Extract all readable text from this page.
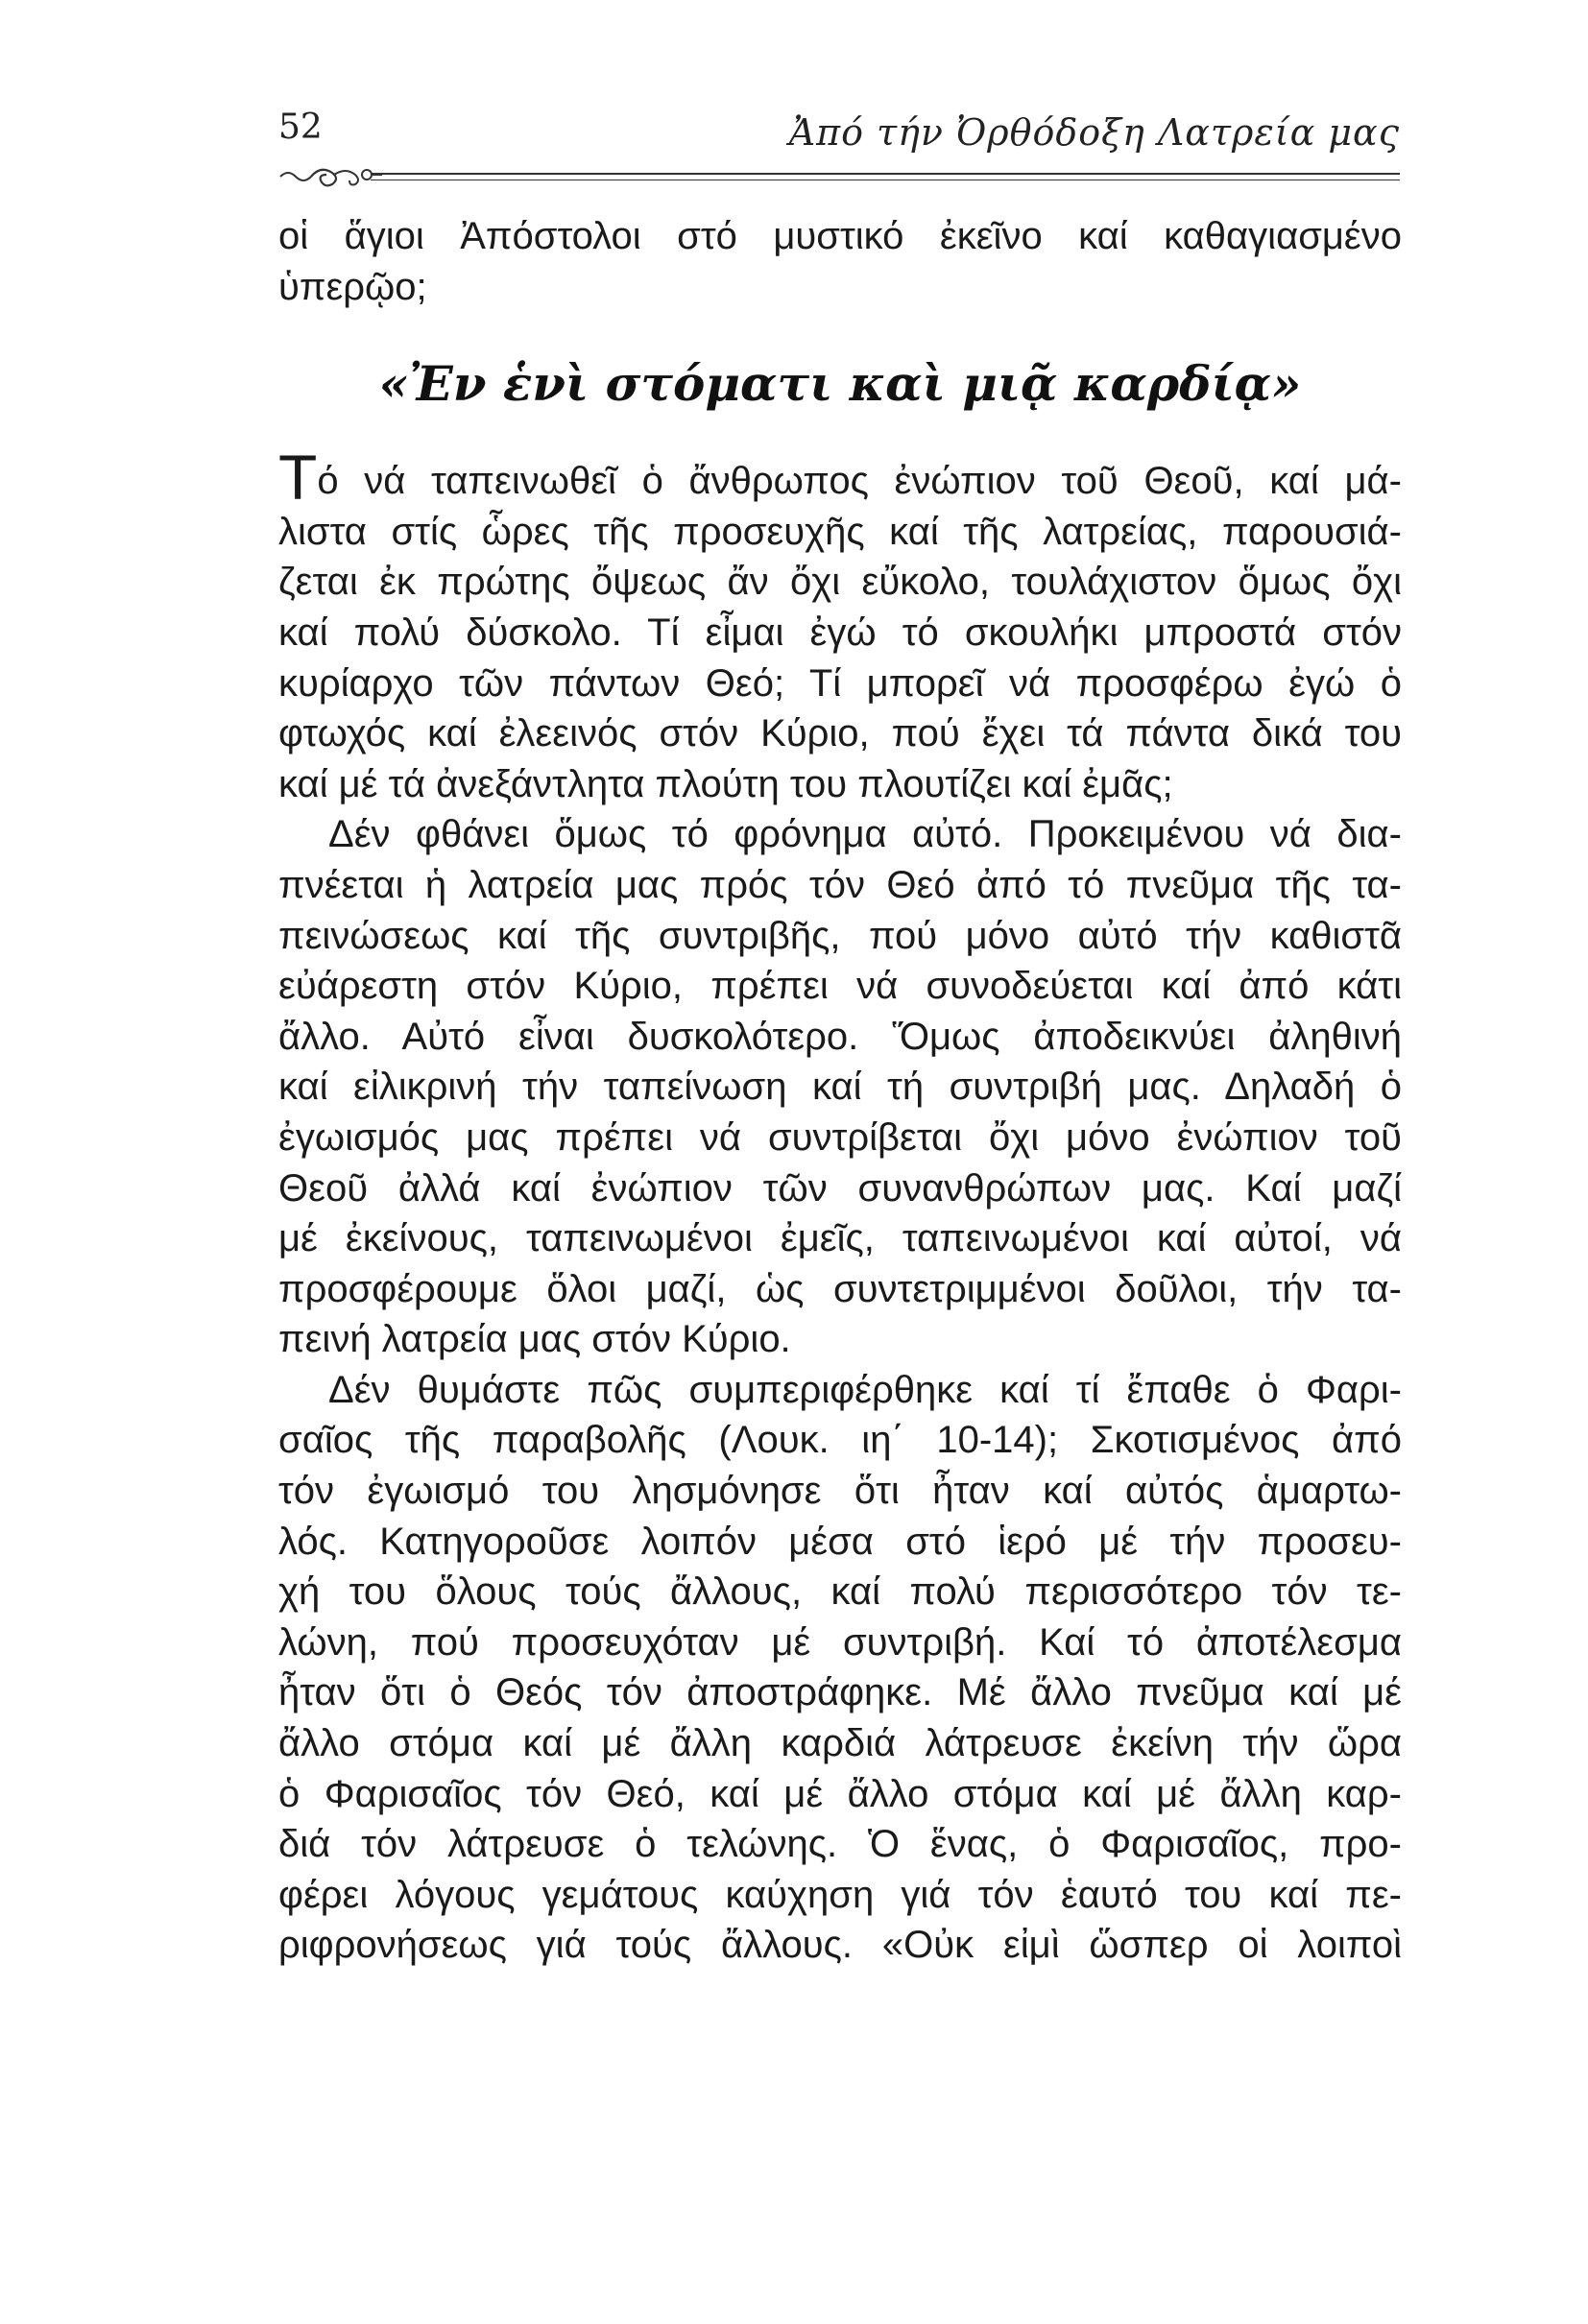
52	Ἀπό τήν Ὀρθόδοξη Λατρεία μας
οἱ ἅγιοι Ἀπόστολοι στό μυστικό ἐκεῖνο καί καθαγιασμένο
ὑπερῷο;
«Ἐν ἑνὶ στόματι καὶ μιᾷ καρδίᾳ»
Τό νά ταπεινωθεῖ ὁ ἄνθρωπος ἐνώπιον τοῦ Θεοῦ, καί μά-
λιστα στίς ὧρες τῆς προσευχῆς καί τῆς λατρείας, παρουσιά-
ζεται ἐκ πρώτης ὄψεως ἄν ὄχι εὔκολο, τουλάχιστον ὅμως ὄχι
καί πολύ δύσκολο. Τί εἶμαι ἐγώ τό σκουλήκι μπροστά στόν
κυρίαρχο τῶν πάντων Θεό; Τί μπορεῖ νά προσφέρω ἐγώ ὁ
φτωχός καί ἐλεεινός στόν Κύριο, πού ἔχει τά πάντα δικά του
καί μέ τά ἀνεξάντλητα πλούτη του πλουτίζει καί ἐμᾶς;
Δέν φθάνει ὅμως τό φρόνημα αὐτό. Προκειμένου νά δια-
πνέεται ἡ λατρεία μας πρός τόν Θεό ἀπό τό πνεῦμα τῆς τα-
πεινώσεως καί τῆς συντριβῆς, πού μόνο αὐτό τήν καθιστᾶ
εὐάρεστη στόν Κύριο, πρέπει νά συνοδεύεται καί ἀπό κάτι
ἄλλο. Αὐτό εἶναι δυσκολότερο. Ὅμως ἀποδεικνύει ἀληθινή
καί εἰλικρινή τήν ταπείνωση καί τή συντριβή μας. Δηλαδή ὁ
ἐγωισμός μας πρέπει νά συντρίβεται ὄχι μόνο ἐνώπιον τοῦ
Θεοῦ ἀλλά καί ἐνώπιον τῶν συνανθρώπων μας. Καί μαζί
μέ ἐκείνους, ταπεινωμένοι ἐμεῖς, ταπεινωμένοι καί αὐτοί, νά
προσφέρουμε ὅλοι μαζί, ὡς συντετριμμένοι δοῦλοι, τήν τα-
πεινή λατρεία μας στόν Κύριο.
Δέν θυμάστε πῶς συμπεριφέρθηκε καί τί ἔπαθε ὁ Φαρι-
σαῖος τῆς παραβολῆς (Λουκ. ιη΄ 10-14); Σκοτισμένος ἀπό
τόν ἐγωισμό του λησμόνησε ὅτι ἦταν καί αὐτός ἁμαρτω-
λός. Κατηγοροῦσε λοιπόν μέσα στό ἱερό μέ τήν προσευ-
χή του ὅλους τούς ἄλλους, καί πολύ περισσότερο τόν τε-
λώνη, πού προσευχόταν μέ συντριβή. Καί τό ἀποτέλεσμα
ἦταν ὅτι ὁ Θεός τόν ἀποστράφηκε. Μέ ἄλλο πνεῦμα καί μέ
ἄλλο στόμα καί μέ ἄλλη καρδιά λάτρευσε ἐκείνη τήν ὥρα
ὁ Φαρισαῖος τόν Θεό, καί μέ ἄλλο στόμα καί μέ ἄλλη καρ-
διά τόν λάτρευσε ὁ τελώνης. Ὁ ἕνας, ὁ Φαρισαῖος, προ-
φέρει λόγους γεμάτους καύχηση γιά τόν ἑαυτό του καί πε-
ριφρονήσεως γιά τούς ἄλλους. «Οὐκ εἰμὶ ὥσπερ οἱ λοιποὶ
